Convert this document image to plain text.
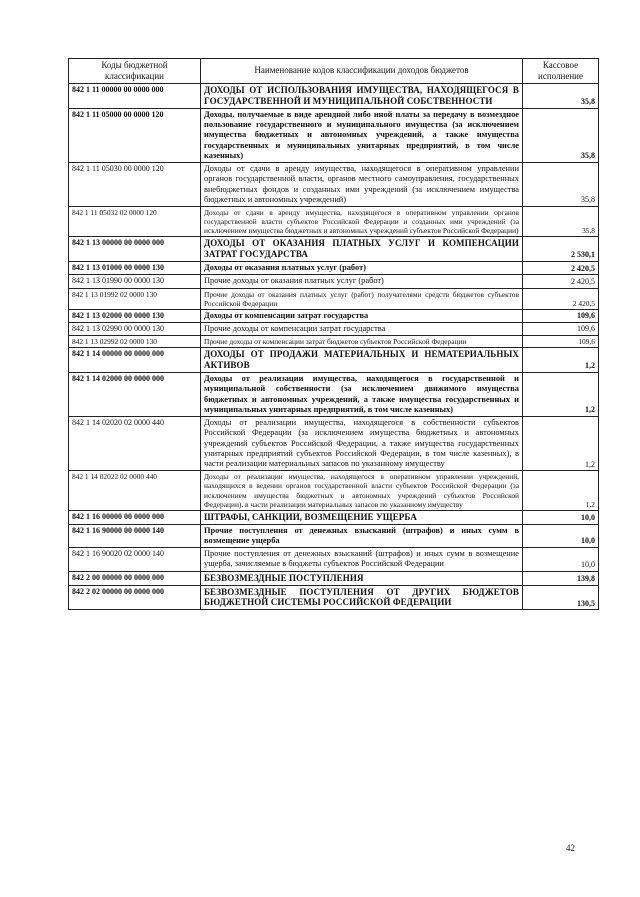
Коды бюджетной классификации	Наименование кодов классификации доходов бюджетов	Кассовое исполнение
842 1 11 00000 00 0000 000	ДОХОДЫ ОТ ИСПОЛЬЗОВАНИЯ ИМУЩЕСТВА, НАХОДЯЩЕГОСЯ В ГОСУДАРСТВЕННОЙ И МУНИЦИПАЛЬНОЙ СОБСТВЕННОСТИ	35,8
842 1 11 05000 00 0000 120	Доходы, получаемые в виде арендной либо иной платы за передачу в возмездное пользование государственного и муниципального имущества (за исключением имущества бюджетных и автономных учреждений, а также имущества государственных и муниципальных унитарных предприятий, в том числе казенных)	35,8
842 1 11 05030 00 0000 120	Доходы от сдачи в аренду имущества, находящегося в оперативном управлении органов государственной власти, органов местного самоуправления, государственных внебюджетных фондов и созданных ими учреждений (за исключением имущества бюджетных и автономных учреждений)	35,8
842 1 11 05032 02 0000 120	Доходы от сдачи в аренду имущества, находящегося в оперативном управлении органов государственной власти субъектов Российской Федерации и созданных ими учреждений (за исключением имущества бюджетных и автономных учреждений субъектов Российской Федерации)	35,8
842 1 13 00000 00 0000 000	ДОХОДЫ ОТ ОКАЗАНИЯ ПЛАТНЫХ УСЛУГ И КОМПЕНСАЦИИ ЗАТРАТ ГОСУДАРСТВА	2 530,1
842 1 13 01000 00 0000 130	Доходы от оказания платных услуг (работ)	2 420,5
842 1 13 01990 00 0000 130	Прочие доходы от оказания платных услуг (работ)	2 420,5
842 1 13 01992 02 0000 130	Прочие доходы от оказания платных услуг (работ) получателями средств бюджетов субъектов Российской Федерации	2 420,5
842 1 13 02000 00 0000 130	Доходы от компенсации затрат государства	109,6
842 1 13 02990 00 0000 130	Прочие доходы от компенсации затрат государства	109,6
842 1 13 02992 02 0000 130	Прочие доходы от компенсации затрат бюджетов субъектов Российской Федерации	109,6
842 1 14 00000 00 0000 000	ДОХОДЫ ОТ ПРОДАЖИ МАТЕРИАЛЬНЫХ И НЕМАТЕРИАЛЬНЫХ АКТИВОВ	1,2
842 1 14 02000 00 0000 000	Доходы от реализации имущества, находящегося в государственной и муниципальной собственности (за исключением движимого имущества бюджетных и автономных учреждений, а также имущества государственных и муниципальных унитарных предприятий, в том числе казенных)	1,2
842 1 14 02020 02 0000 440	Доходы от реализации имущества, находящегося в собственности субъектов Российской Федерации (за исключением имущества бюджетных и автономных учреждений субъектов Российской Федерации, а также имущества государственных унитарных предприятий субъектов Российской Федерации, в том числе казенных), в части реализации материальных запасов по указанному имуществу	1,2
842 1 14 02022 02 0000 440	Доходы от реализации имущества, находящегося в оперативном управлении учреждений, находящихся в ведении органов государственной власти субъектов Российской Федерации (за исключением имущества бюджетных и автономных учреждений субъектов Российской Федерации), в части реализации материальных запасов по указанному имуществу	1,2
842 1 16 00000 00 0000 000	ШТРАФЫ, САНКЦИИ, ВОЗМЕЩЕНИЕ УЩЕРБА	10,0
842 1 16 90000 00 0000 140	Прочие поступления от денежных взысканий (штрафов) и иных сумм в возмещение ущерба	10,0
842 1 16 90020 02 0000 140	Прочие поступления от денежных взысканий (штрафов) и иных сумм в возмещение ущерба, зачисляемые в бюджеты субъектов Российской Федерации	10,0
842 2 00 00000 00 0000 000	БЕЗВОЗМЕЗДНЫЕ ПОСТУПЛЕНИЯ	139,8
842 2 02 00000 00 0000 000	БЕЗВОЗМЕЗДНЫЕ ПОСТУПЛЕНИЯ ОТ ДРУГИХ БЮДЖЕТОВ БЮДЖЕТНОЙ СИСТЕМЫ РОССИЙСКОЙ ФЕДЕРАЦИИ	130,5
42
